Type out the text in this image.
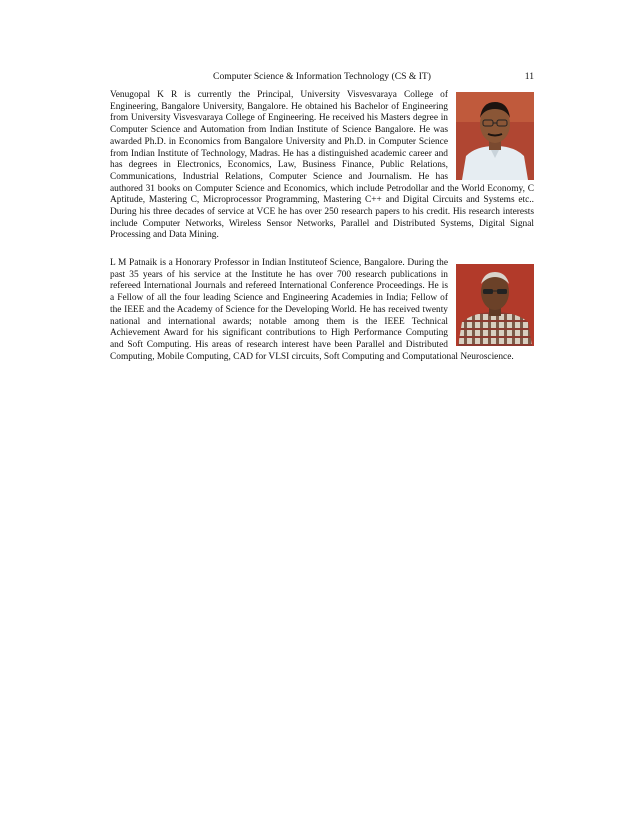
Computer Science & Information Technology (CS & IT)	11
Venugopal K R is currently the Principal, University Visvesvaraya College of Engineering, Bangalore University, Bangalore. He obtained his Bachelor of Engineering from University Visvesvaraya College of Engineering. He received his Masters degree in Computer Science and Automation from Indian Institute of Science Bangalore. He was awarded Ph.D. in Economics from Bangalore University and Ph.D. in Computer Science from Indian Institute of Technology, Madras. He has a distinguished academic career and has degrees in Electronics, Economics, Law, Business Finance, Public Relations, Communications, Industrial Relations, Computer Science and Journalism. He has authored 31 books on Computer Science and Economics, which include Petrodollar and the World Economy, C Aptitude, Mastering C, Microprocessor Programming, Mastering C++ and Digital Circuits and Systems etc.. During his three decades of service at VCE he has over 250 research papers to his credit. His research interests include Computer Networks, Wireless Sensor Networks, Parallel and Distributed Systems, Digital Signal Processing and Data Mining.
L M Patnaik is a Honorary Professor in Indian Instituteof Science, Bangalore. During the past 35 years of his service at the Institute he has over 700 research publications in refereed International Journals and refereed International Conference Proceedings. He is a Fellow of all the four leading Science and Engineering Academies in India; Fellow of the IEEE and the Academy of Science for the Developing World. He has received twenty national and international awards; notable among them is the IEEE Technical Achievement Award for his significant contributions to High Performance Computing and Soft Computing. His areas of research interest have been Parallel and Distributed Computing, Mobile Computing, CAD for VLSI circuits, Soft Computing and Computational Neuroscience.
